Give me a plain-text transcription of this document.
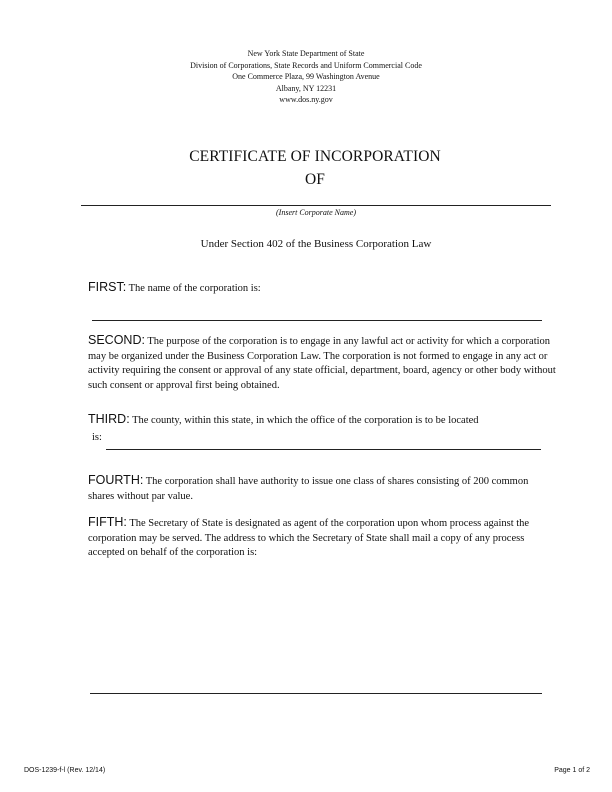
New York State Department of State
Division of Corporations, State Records and Uniform Commercial Code
One Commerce Plaza, 99 Washington Avenue
Albany, NY 12231
www.dos.ny.gov
CERTIFICATE OF INCORPORATION
OF
(Insert Corporate Name)
Under Section 402 of the Business Corporation Law
FIRST: The name of the corporation is:
SECOND: The purpose of the corporation is to engage in any lawful act or activity for which a corporation may be organized under the Business Corporation Law. The corporation is not formed to engage in any act or activity requiring the consent or approval of any state official, department, board, agency or other body without such consent or approval first being obtained.
THIRD: The county, within this state, in which the office of the corporation is to be located
is:
FOURTH: The corporation shall have authority to issue one class of shares consisting of 200 common shares without par value.
FIFTH: The Secretary of State is designated as agent of the corporation upon whom process against the corporation may be served. The address to which the Secretary of State shall mail a copy of any process accepted on behalf of the corporation is:
DOS-1239-f-l (Rev. 12/14)	Page 1 of 2
